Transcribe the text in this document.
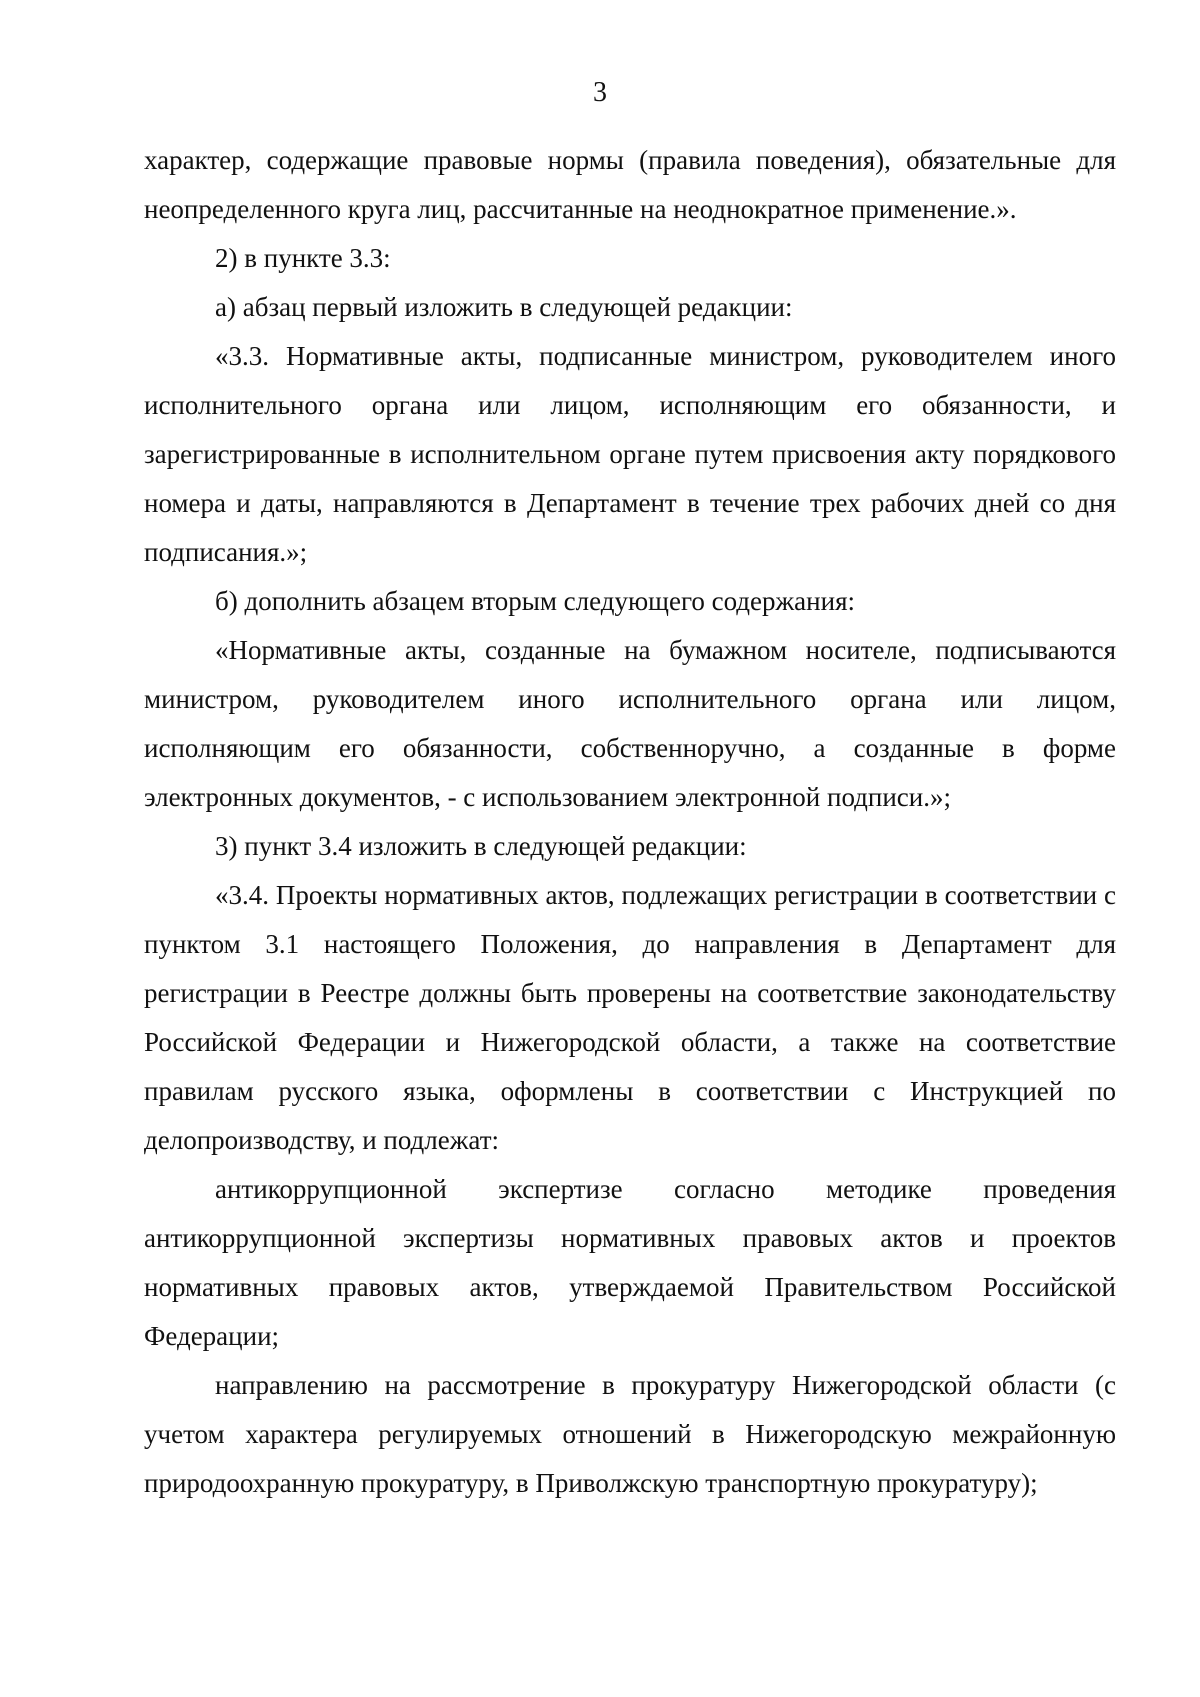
3

характер, содержащие правовые нормы (правила поведения), обязательные для неопределенного круга лиц, рассчитанные на неоднократное применение.».

2) в пункте 3.3:

а) абзац первый изложить в следующей редакции:

«3.3. Нормативные акты, подписанные министром, руководителем иного исполнительного органа или лицом, исполняющим его обязанности, и зарегистрированные в исполнительном органе путем присвоения акту порядкового номера и даты, направляются в Департамент в течение трех рабочих дней со дня подписания.»;

б) дополнить абзацем вторым следующего содержания:

«Нормативные акты, созданные на бумажном носителе, подписываются министром, руководителем иного исполнительного органа или лицом, исполняющим его обязанности, собственноручно, а созданные в форме электронных документов, - с использованием электронной подписи.»;

3) пункт 3.4 изложить в следующей редакции:

«3.4. Проекты нормативных актов, подлежащих регистрации в соответствии с пунктом 3.1 настоящего Положения, до направления в Департамент для регистрации в Реестре должны быть проверены на соответствие законодательству Российской Федерации и Нижегородской области, а также на соответствие правилам русского языка, оформлены в соответствии с Инструкцией по делопроизводству, и подлежат:

антикоррупционной экспертизе согласно методике проведения антикоррупционной экспертизы нормативных правовых актов и проектов нормативных правовых актов, утверждаемой Правительством Российской Федерации;

направлению на рассмотрение в прокуратуру Нижегородской области (с учетом характера регулируемых отношений в Нижегородскую межрайонную природоохранную прокуратуру, в Приволжскую транспортную прокуратуру);
